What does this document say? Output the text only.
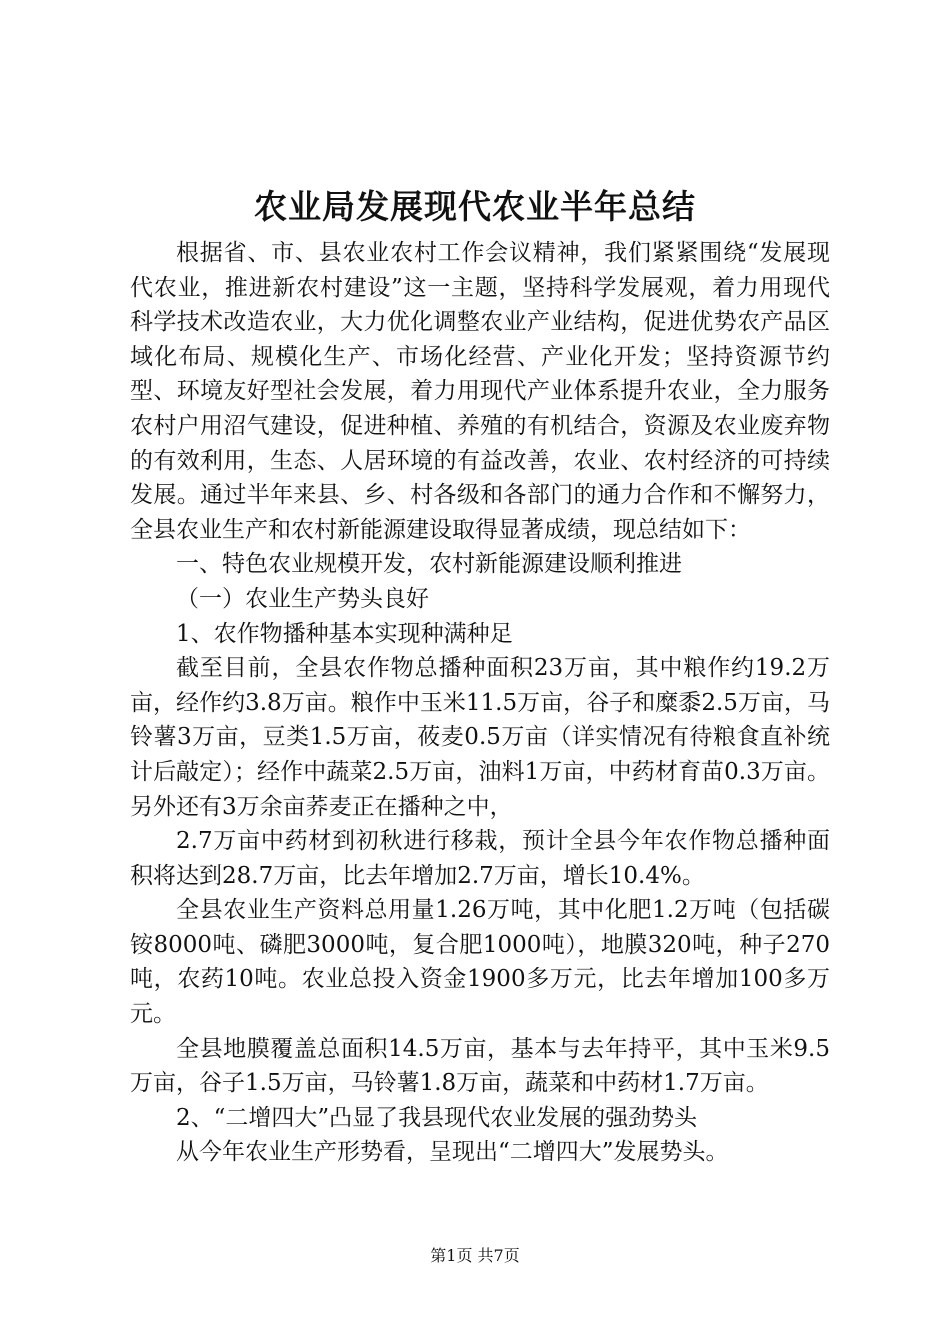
农业局发展现代农业半年总结

根据省、市、县农业农村工作会议精神，我们紧紧围绕“发展现代农业，推进新农村建设”这一主题，坚持科学发展观，着力用现代科学技术改造农业，大力优化调整农业产业结构，促进优势农产品区域化布局、规模化生产、市场化经营、产业化开发；坚持资源节约型、环境友好型社会发展，着力用现代产业体系提升农业，全力服务农村户用沼气建设，促进种植、养殖的有机结合，资源及农业废弃物的有效利用，生态、人居环境的有益改善，农业、农村经济的可持续发展。通过半年来县、乡、村各级和各部门的通力合作和不懈努力，全县农业生产和农村新能源建设取得显著成绩，现总结如下：

一、特色农业规模开发，农村新能源建设顺利推进

（一）农业生产势头良好

1、农作物播种基本实现种满种足

截至目前，全县农作物总播种面积23万亩，其中粮作约19.2万亩，经作约3.8万亩。粮作中玉米11.5万亩，谷子和糜黍2.5万亩，马铃薯3万亩，豆类1.5万亩，莜麦0.5万亩（详实情况有待粮食直补统计后敲定）；经作中蔬菜2.5万亩，油料1万亩，中药材育苗0.3万亩。另外还有3万余亩荞麦正在播种之中，

2.7万亩中药材到初秋进行移栽，预计全县今年农作物总播种面积将达到28.7万亩，比去年增加2.7万亩，增长10.4%。

全县农业生产资料总用量1.26万吨，其中化肥1.2万吨（包括碳铵8000吨、磷肥3000吨，复合肥1000吨），地膜320吨，种子270吨，农药10吨。农业总投入资金1900多万元，比去年增加100多万元。

全县地膜覆盖总面积14.5万亩，基本与去年持平，其中玉米9.5万亩，谷子1.5万亩，马铃薯1.8万亩，蔬菜和中药材1.7万亩。

2、“二增四大”凸显了我县现代农业发展的强劲势头

从今年农业生产形势看，呈现出“二增四大”发展势头。

第1页 共7页
